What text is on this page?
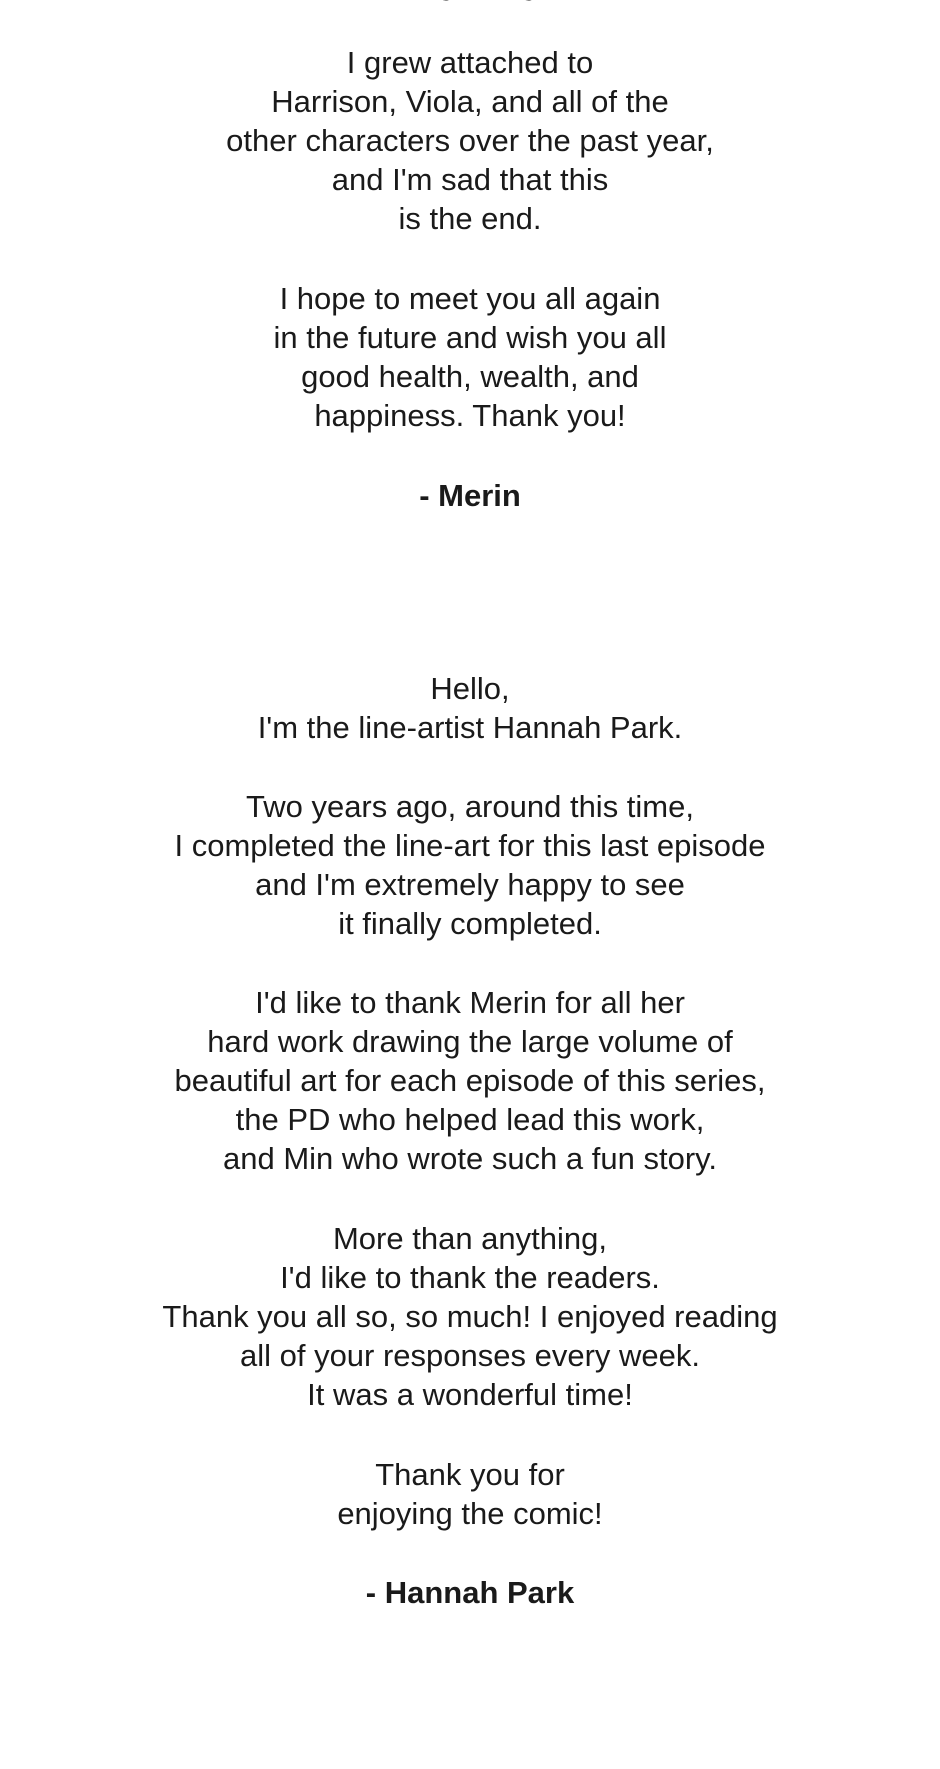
I grew attached to
Harrison, Viola, and all of the
other characters over the past year,
and I'm sad that this
is the end.

I hope to meet you all again
in the future and wish you all
good health, wealth, and
happiness. Thank you!

- Merin

Hello,
I'm the line-artist Hannah Park.

Two years ago, around this time,
I completed the line-art for this last episode
and I'm extremely happy to see
it finally completed.

I'd like to thank Merin for all her
hard work drawing the large volume of
beautiful art for each episode of this series,
the PD who helped lead this work,
and Min who wrote such a fun story.

More than anything,
I'd like to thank the readers.
Thank you all so, so much! I enjoyed reading
all of your responses every week.
It was a wonderful time!

Thank you for
enjoying the comic!

- Hannah Park
